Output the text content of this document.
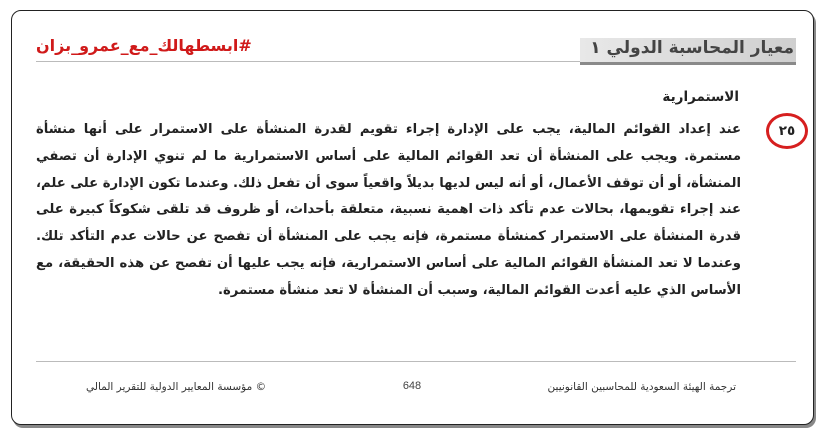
معيار المحاسبة الدولي ١
#ابسطهالك_مع_عمرو_بزان
الاستمرارية
٢٥
عند إعداد القوائم المالية، يجب على الإدارة إجراء تقويم لقدرة المنشأة على الاستمرار على أنها منشأة مستمرة. ويجب على المنشأة أن تعد القوائم المالية على أساس الاستمرارية ما لم تنوي الإدارة أن تصفي المنشأة، أو أن توقف الأعمال، أو أنه ليس لديها بديلاً واقعياً سوى أن تفعل ذلك. وعندما تكون الإدارة على علم، عند إجراء تقويمها، بحالات عدم تأكد ذات اهمية نسبية، متعلقة بأحداث، أو ظروف قد تلقى شكوكاً كبيرة على قدرة المنشأة على الاستمرار كمنشأة مستمرة، فإنه يجب على المنشأة أن تفصح عن حالات عدم التأكد تلك. وعندما لا تعد المنشأة القوائم المالية على أساس الاستمرارية، فإنه يجب عليها أن تفصح عن هذه الحقيقة، مع الأساس الذي عليه أعدت القوائم المالية، وسبب أن المنشأة لا تعد منشأة مستمرة.
ترجمة الهيئة السعودية للمحاسبين القانونيين
648
© مؤسسة المعايير الدولية للتقرير المالي
